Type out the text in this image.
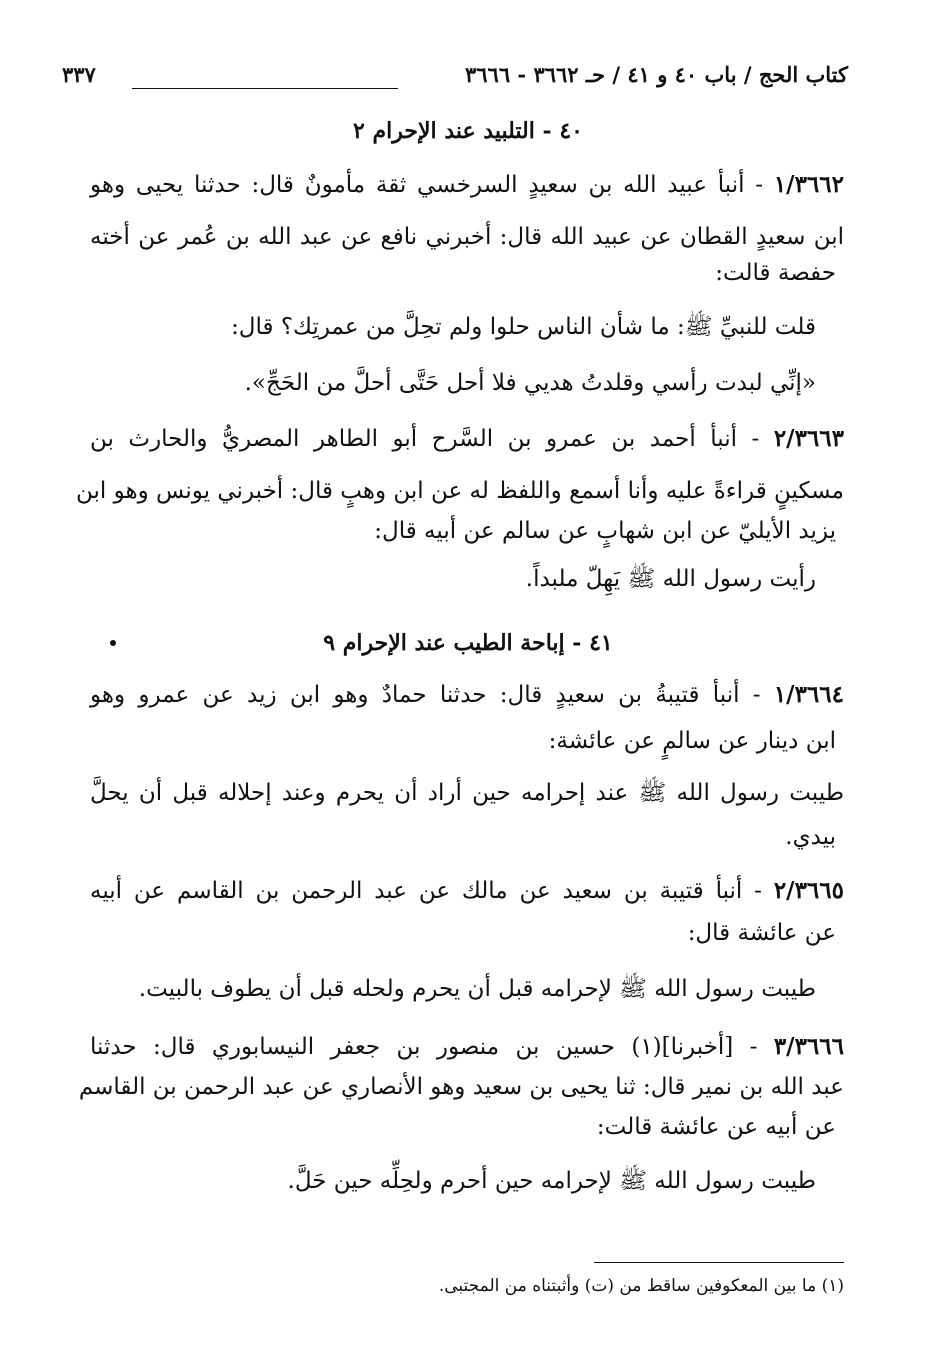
كتاب الحج / باب ٤٠ و ٤١ / حـ ٣٦٦٢ - ٣٦٦٦
٣٣٧
٤٠ - التلبيد عند الإحرام ٢
١/٣٦٦٢ - أنبأ عبيد الله بن سعيدٍ السرخسي ثقة مأمونٌ قال: حدثنا يحيى وهو
ابن سعيدٍ القطان عن عبيد الله قال: أخبرني نافع عن عبد الله بن عُمر عن أخته
حفصة قالت:
قلت للنبيِّ ﷺ: ما شأن الناس حلوا ولم تحِلَّ من عمرتِك؟ قال:
«إنِّي لبدت رأسي وقلدتُ هديي فلا أحل حَتَّى أحلَّ من الحَجِّ».
٢/٣٦٦٣ - أنبأ أحمد بن عمرو بن السَّرح أبو الطاهر المصريُّ والحارث بن
مسكينٍ قراءةً عليه وأنا أسمع واللفظ له عن ابن وهبٍ قال: أخبرني يونس وهو ابن
يزيد الأيليّ عن ابن شهابٍ عن سالم عن أبيه قال:
رأيت رسول الله ﷺ يَهِلّ ملبداً.
٤١ - إباحة الطيب عند الإحرام ٩
١/٣٦٦٤ - أنبأ قتيبةُ بن سعيدٍ قال: حدثنا حمادٌ وهو ابن زيد عن عمرو وهو
ابن دينار عن سالمٍ عن عائشة:
طيبت رسول الله ﷺ عند إحرامه حين أراد أن يحرم وعند إحلاله قبل أن يحلَّ
بيدي.
٢/٣٦٦٥ - أنبأ قتيبة بن سعيد عن مالك عن عبد الرحمن بن القاسم عن أبيه
عن عائشة قال:
طيبت رسول الله ﷺ لإحرامه قبل أن يحرم ولحله قبل أن يطوف بالبيت.
٣/٣٦٦٦ - [أخبرنا](١) حسين بن منصور بن جعفر النيسابوري قال: حدثنا
عبد الله بن نمير قال: ثنا يحيى بن سعيد وهو الأنصاري عن عبد الرحمن بن القاسم
عن أبيه عن عائشة قالت:
طيبت رسول الله ﷺ لإحرامه حين أحرم ولحِلِّه حين حَلَّ.
(١) ما بين المعكوفين ساقط من (ت) وأثبتناه من المجتبى.
